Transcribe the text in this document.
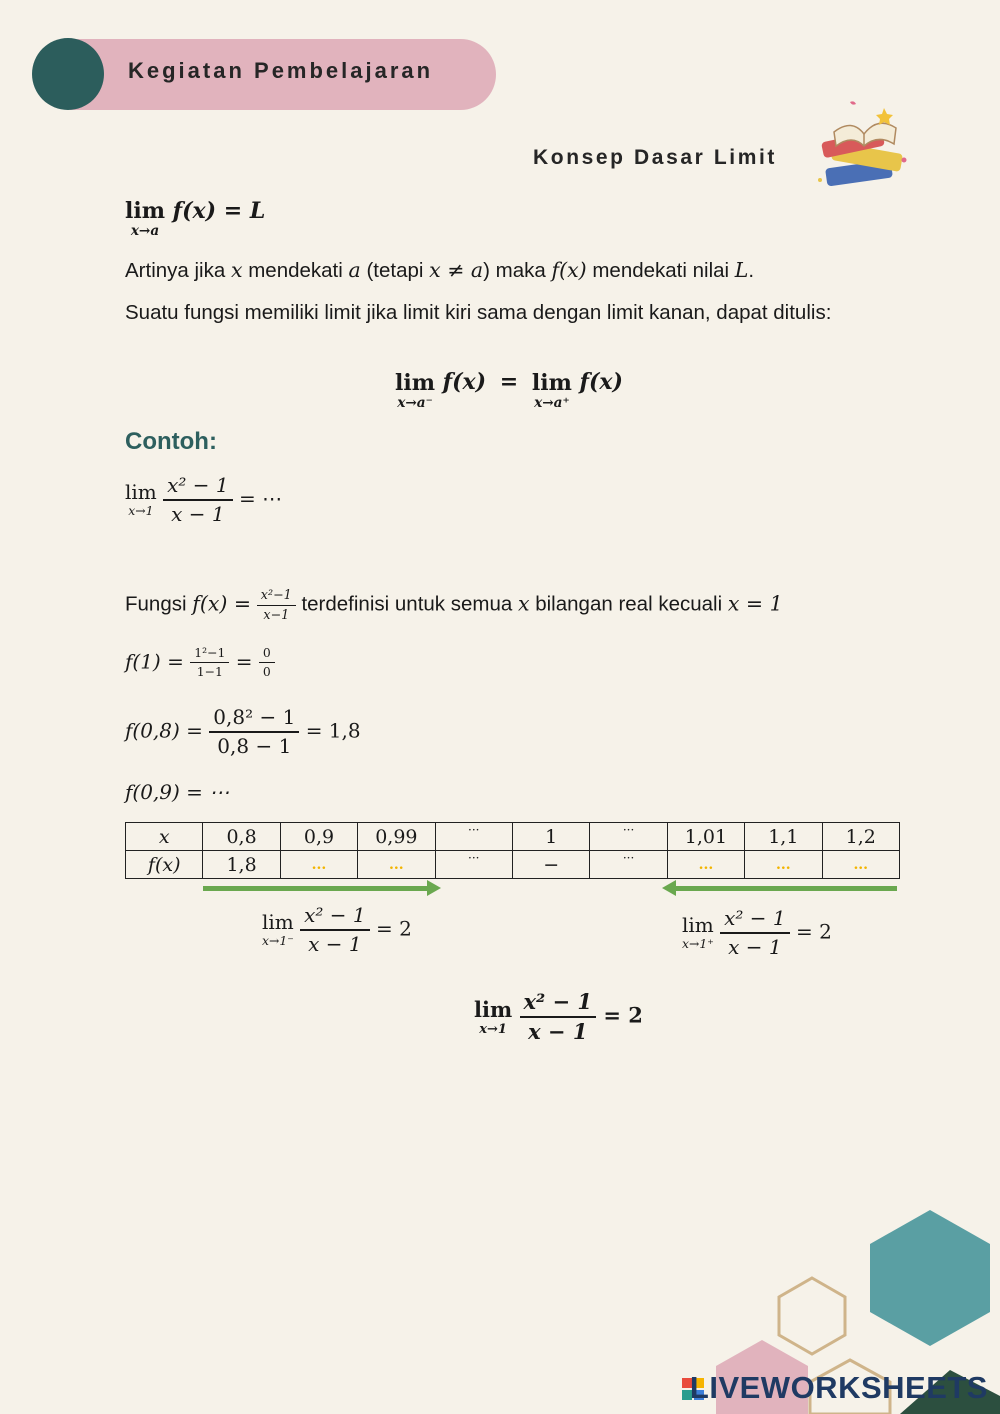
Kegiatan Pembelajaran
Konsep Dasar Limit
lim
x→a
f(x) = L
Artinya jika x mendekati a (tetapi x ≠ a) maka f(x) mendekati nilai L.
Suatu fungsi memiliki limit jika limit kiri sama dengan limit kanan, dapat ditulis:
lim
x→a⁻
f(x) = lim
x→a⁺
f(x)
Contoh:
lim
x→1
$\frac{\text{x² − 1}}{x - 1}$ = ⋯
Fungsi $f(x) = \frac{\text{x²−1}}{x-1}$ terdefinisi untuk semua x bilangan real kecuali x = 1
$f(1) = \frac{\text{1²−1}}{1-1} = \frac{0}{0}$
$f(0,8) = \frac{\text{0,8² − 1}}{0,8 - 1} = 1,8$
f(0,9) = ⋯
x	0,8	0,9	0,99	···	1	···	1,01	1,1	1,2
f(x)	1,8	...	...	···	−	···	...	...	...
lim
x→1⁻
$\frac{\text{x² − 1}}{x - 1} = 2$	lim
x→1⁺
$\frac{\text{x² − 1}}{x - 1} = 2$
lim
x→1
$\frac{\text{x² − 1}}{x - 1} = 2$
LIVEWORKSHEETS
